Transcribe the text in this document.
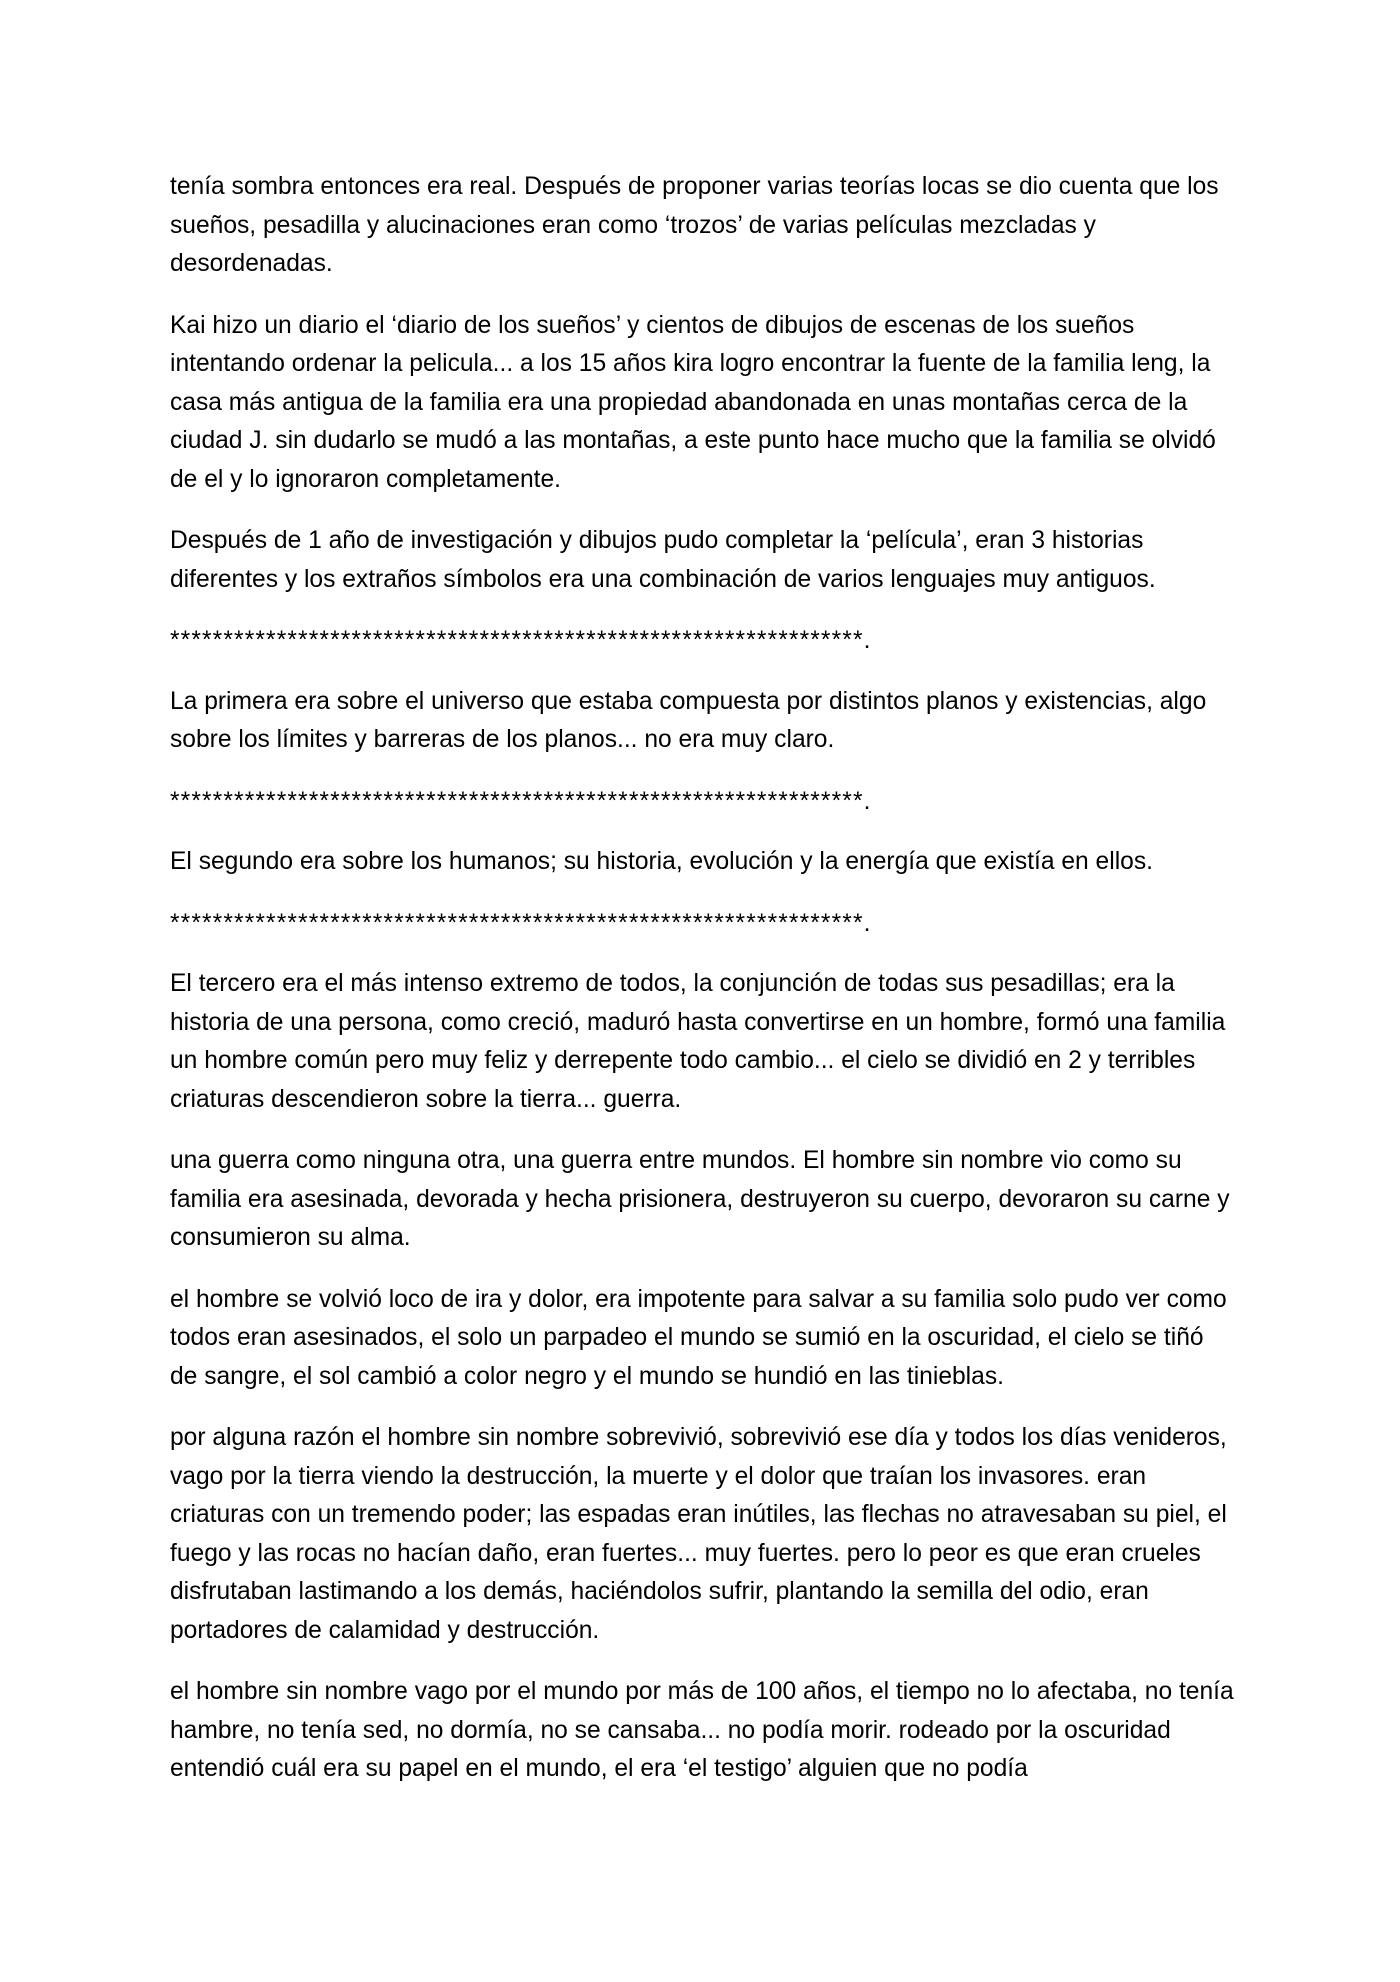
tenía sombra entonces era real. Después de proponer varias teorías locas se dio cuenta que los sueños, pesadilla y alucinaciones eran como ‘trozos’ de varias películas mezcladas y desordenadas.

Kai hizo un diario el ‘diario de los sueños’ y cientos de dibujos de escenas de los sueños intentando ordenar la pelicula... a los 15 años kira logro encontrar la fuente de la familia leng, la casa más antigua de la familia era una propiedad abandonada en unas montañas cerca de la ciudad J. sin dudarlo se mudó a las montañas, a este punto hace mucho que la familia se olvidó de el y lo ignoraron completamente.

Después de 1 año de investigación y dibujos pudo completar la ‘película’, eran 3 historias diferentes y los extraños símbolos era una combinación de varios lenguajes muy antiguos.

*****************************************************************.

La primera era sobre el universo que estaba compuesta por distintos planos y existencias, algo sobre los límites y barreras de los planos... no era muy claro.

*****************************************************************.

El segundo era sobre los humanos; su historia, evolución y la energía que existía en ellos.

*****************************************************************.

El tercero era el más intenso extremo de todos, la conjunción de todas sus pesadillas; era la historia de una persona, como creció, maduró hasta convertirse en un hombre, formó una familia un hombre común pero muy feliz y derrepente todo cambio... el cielo se dividió en 2 y terribles criaturas descendieron sobre la tierra... guerra.

una guerra como ninguna otra, una guerra entre mundos. El hombre sin nombre vio como su familia era asesinada, devorada y hecha prisionera, destruyeron su cuerpo, devoraron su carne y consumieron su alma.

el hombre se volvió loco de ira y dolor, era impotente para salvar a su familia solo pudo ver como todos eran asesinados, el solo un parpadeo el mundo se sumió en la oscuridad, el cielo se tiñó de sangre, el sol cambió a color negro y el mundo se hundió en las tinieblas.

por alguna razón el hombre sin nombre sobrevivió, sobrevivió ese día y todos los días venideros, vago por la tierra viendo la destrucción, la muerte y el dolor que traían los invasores. eran criaturas con un tremendo poder; las espadas eran inútiles, las flechas no atravesaban su piel, el fuego y las rocas no hacían daño, eran fuertes... muy fuertes. pero lo peor es que eran crueles disfrutaban lastimando a los demás, haciéndolos sufrir, plantando la semilla del odio, eran portadores de calamidad y destrucción.

el hombre sin nombre vago por el mundo por más de 100 años, el tiempo no lo afectaba, no tenía hambre, no tenía sed, no dormía, no se cansaba... no podía morir. rodeado por la oscuridad entendió cuál era su papel en el mundo, el era ‘el testigo’ alguien que no podía
